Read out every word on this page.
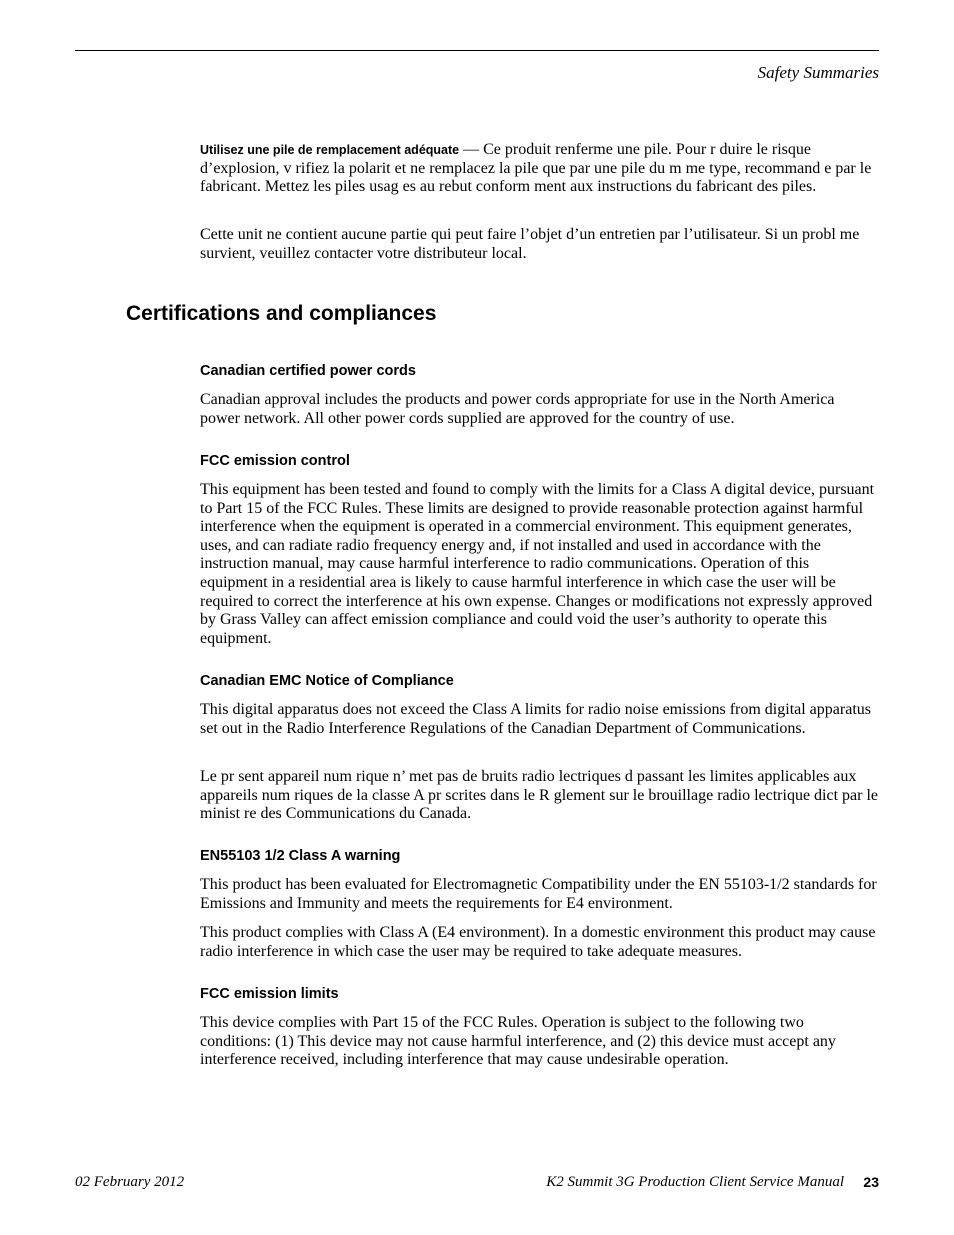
Safety Summaries

Utilisez une pile de remplacement adéquate — Ce produit renferme une pile. Pour r duire le risque d’explosion, v rifiez la polarit et ne remplacez la pile que par une pile du m me type, recommand e par le fabricant. Mettez les piles usag es au rebut conform ment aux instructions du fabricant des piles.

Cette unit ne contient aucune partie qui peut faire l’objet d’un entretien par l’utilisateur. Si un probl me survient, veuillez contacter votre distributeur local.

Certifications and compliances
Canadian certified power cords

Canadian approval includes the products and power cords appropriate for use in the North America power network. All other power cords supplied are approved for the country of use.

FCC emission control

This equipment has been tested and found to comply with the limits for a Class A digital device, pursuant to Part 15 of the FCC Rules. These limits are designed to provide reasonable protection against harmful interference when the equipment is operated in a commercial environment. This equipment generates, uses, and can radiate radio frequency energy and, if not installed and used in accordance with the instruction manual, may cause harmful interference to radio communications. Operation of this equipment in a residential area is likely to cause harmful interference in which case the user will be required to correct the interference at his own expense. Changes or modifications not expressly approved by Grass Valley can affect emission compliance and could void the user’s authority to operate this equipment.

Canadian EMC Notice of Compliance

This digital apparatus does not exceed the Class A limits for radio noise emissions from digital apparatus set out in the Radio Interference Regulations of the Canadian Department of Communications.

Le pr sent appareil num rique n’ met pas de bruits radio lectriques d passant les limites applicables aux appareils num riques de la classe A pr scrites dans le R glement sur le brouillage radio lectrique dict par le minist re des Communications du Canada.

EN55103 1/2 Class A warning

This product has been evaluated for Electromagnetic Compatibility under the EN 55103-1/2 standards for Emissions and Immunity and meets the requirements for E4 environment.

This product complies with Class A (E4 environment). In a domestic environment this product may cause radio interference in which case the user may be required to take adequate measures.

FCC emission limits

This device complies with Part 15 of the FCC Rules. Operation is subject to the following two conditions: (1) This device may not cause harmful interference, and (2) this device must accept any interference received, including interference that may cause undesirable operation.

02 February 2012	K2 Summit 3G Production Client Service Manual 23
